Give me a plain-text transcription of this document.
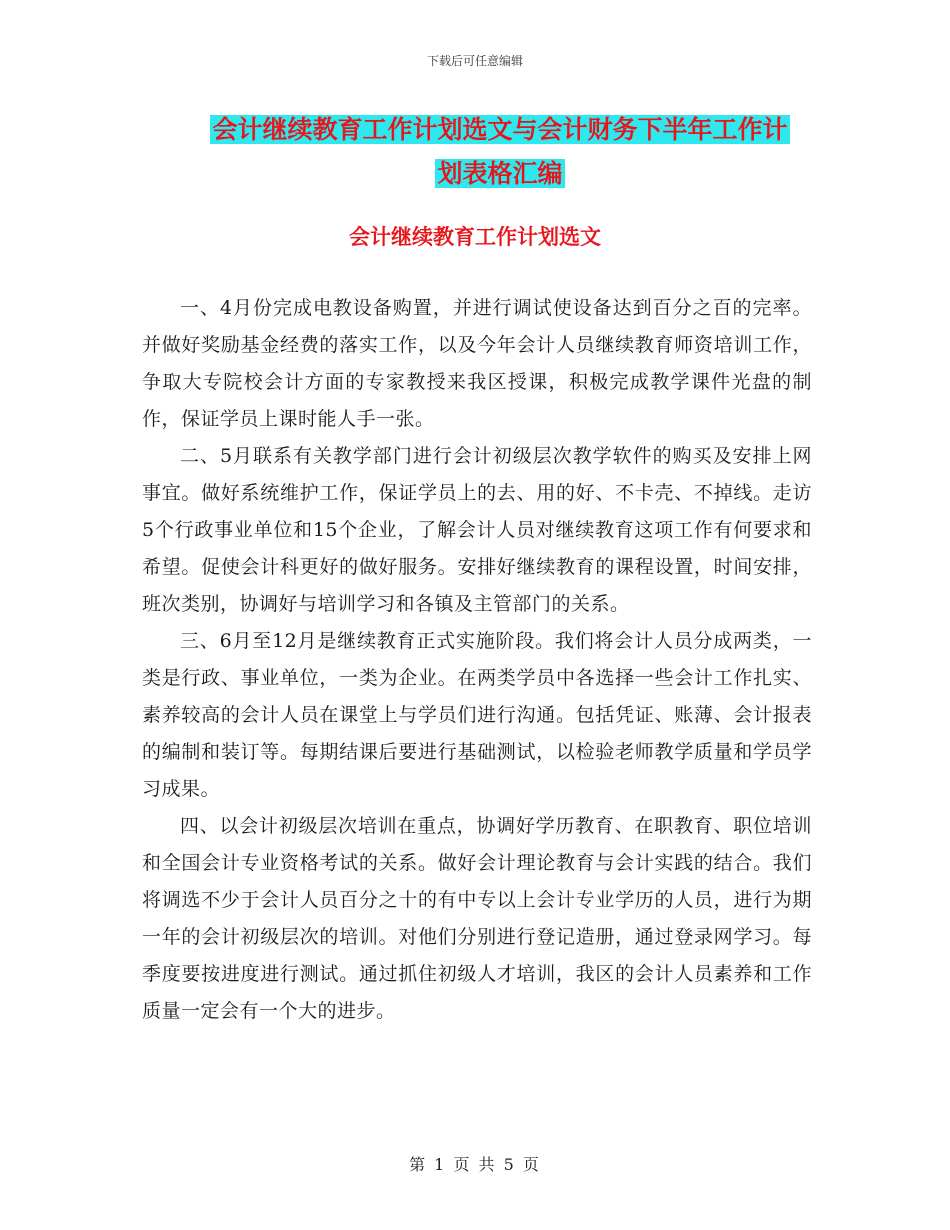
下载后可任意编辑
会计继续教育工作计划选文与会计财务下半年工作计
划表格汇编
会计继续教育工作计划选文

一、4月份完成电教设备购置，并进行调试使设备达到百分之百的完率。并做好奖励基金经费的落实工作，以及今年会计人员继续教育师资培训工作，争取大专院校会计方面的专家教授来我区授课，积极完成教学课件光盘的制作，保证学员上课时能人手一张。

二、5月联系有关教学部门进行会计初级层次教学软件的购买及安排上网事宜。做好系统维护工作，保证学员上的去、用的好、不卡壳、不掉线。走访5个行政事业单位和15个企业，了解会计人员对继续教育这项工作有何要求和希望。促使会计科更好的做好服务。安排好继续教育的课程设置，时间安排，班次类别，协调好与培训学习和各镇及主管部门的关系。

三、6月至12月是继续教育正式实施阶段。我们将会计人员分成两类，一类是行政、事业单位，一类为企业。在两类学员中各选择一些会计工作扎实、素养较高的会计人员在课堂上与学员们进行沟通。包括凭证、账薄、会计报表的编制和装订等。每期结课后要进行基础测试，以检验老师教学质量和学员学习成果。

四、以会计初级层次培训在重点，协调好学历教育、在职教育、职位培训和全国会计专业资格考试的关系。做好会计理论教育与会计实践的结合。我们将调选不少于会计人员百分之十的有中专以上会计专业学历的人员，进行为期一年的会计初级层次的培训。对他们分别进行登记造册，通过登录网学习。每季度要按进度进行测试。通过抓住初级人才培训，我区的会计人员素养和工作质量一定会有一个大的进步。

第 1 页 共 5 页
